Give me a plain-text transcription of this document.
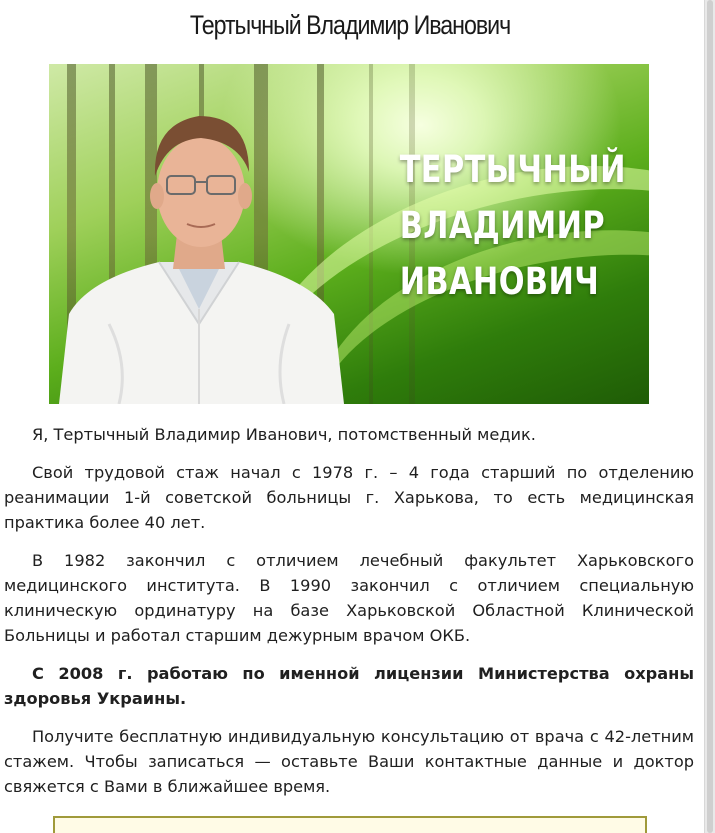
Тертычный Владимир Иванович
ТЕРТЫЧНЫЙ
ВЛАДИМИР
ИВАНОВИЧ

Я, Тертычный Владимир Иванович, потомственный медик.

Свой трудовой стаж начал с 1978 г. – 4 года старший по отделению реанимации 1-й советской больницы г. Харькова, то есть медицинская практика более 40 лет.

В 1982 закончил с отличием лечебный факультет Харьковского медицинского института. В 1990 закончил с отличием специальную клиническую ординатуру на базе Харьковской Областной Клинической Больницы и работал старшим дежурным врачом ОКБ.

С 2008 г. работаю по именной лицензии Министерства охраны здоровья Украины.

Получите бесплатную индивидуальную консультацию от врача с 42-летним стажем. Чтобы записаться — оставьте Ваши контактные данные и доктор свяжется с Вами в ближайшее время.
